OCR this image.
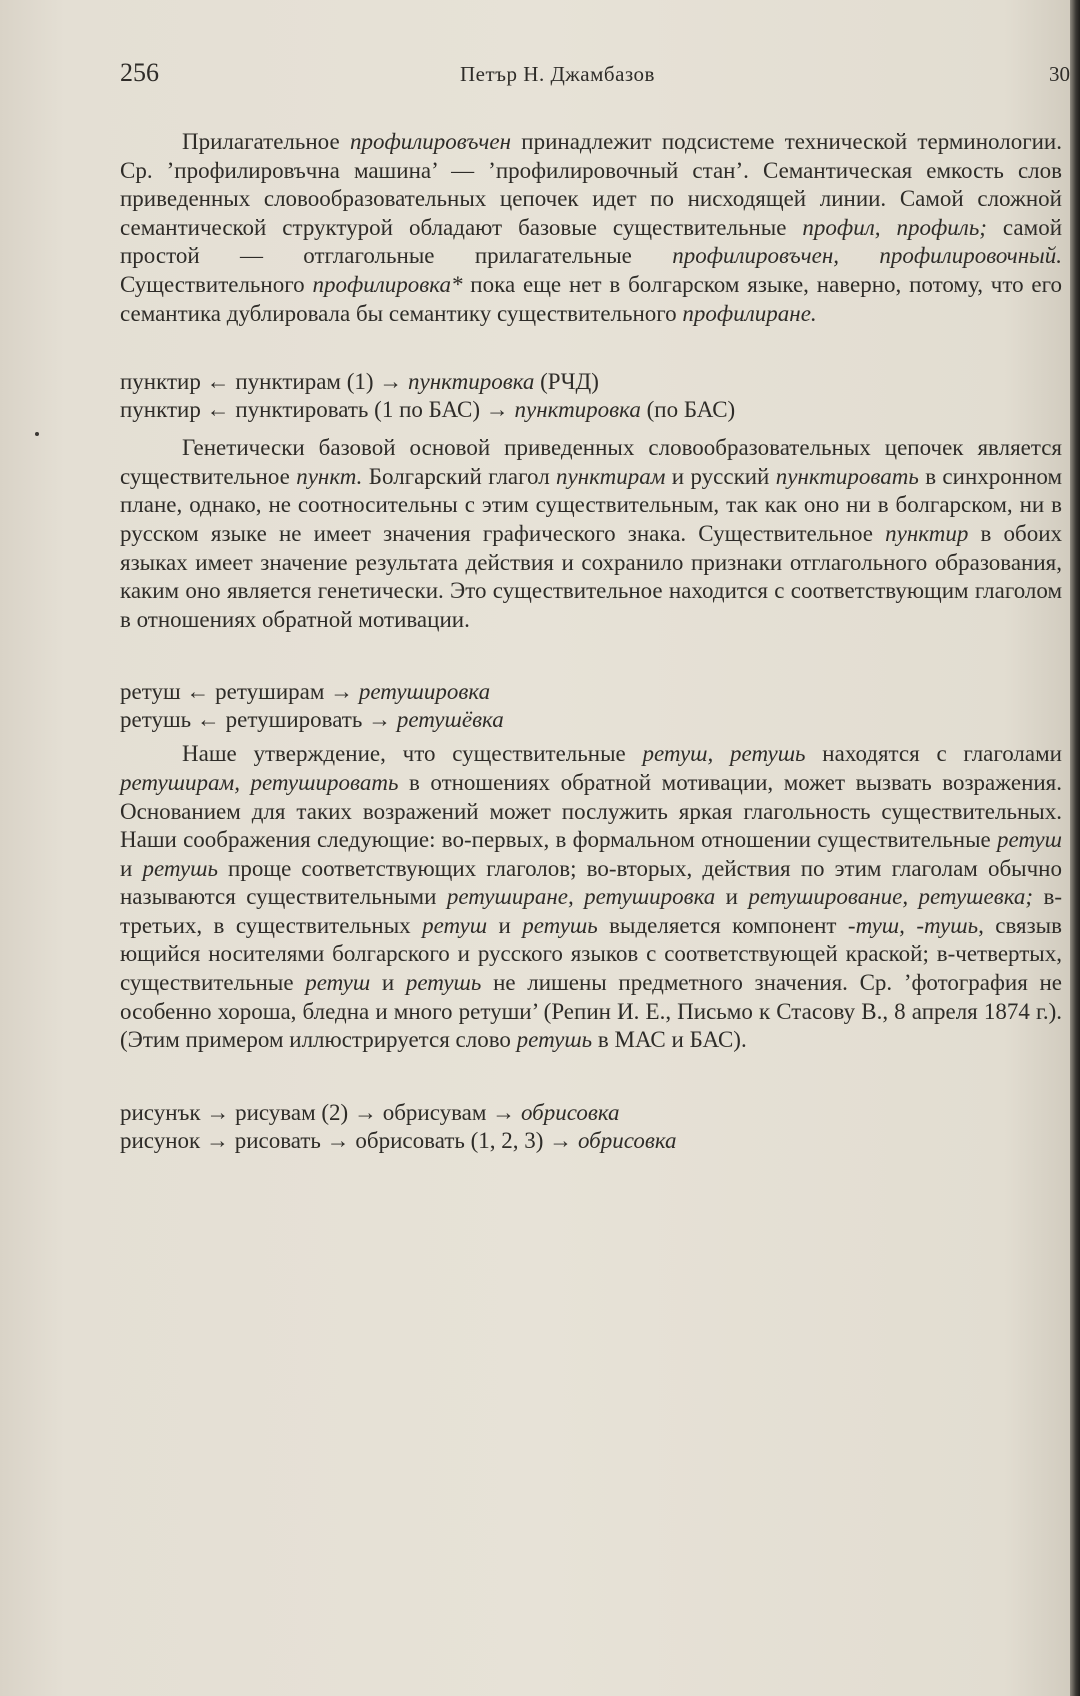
256	Петър Н. Джамбазов	30

Прилагательное профилировъчен принадлежит подсистеме технической терминологии. Ср. ’профилировъчна машина’ — ’профилировочный стан’. Семантическая емкость слов приведенных словообразовательных цепочек идет по нисходящей линии. Самой сложной семантической структурой обладают базовые существительные профил, профиль; самой простой — отглагольные прилагательные профилировъчен, профилировочный. Существительного профилировка* пока еще нет в болгарском языке, наверно, потому, что его семантика дублировала бы семантику существительного профилиране.

пунктир ← пунктирам (1) → пунктировка (РЧД)

пунктир ← пунктировать (1 по БАС) → пунктировка (по БАС)

Генетически базовой основой приведенных словообразовательных цепочек является существительное пункт. Болгарский глагол пунктирам и русский пунктировать в синхронном плане, однако, не соотносительны с этим существительным, так как оно ни в болгарском, ни в русском языке не имеет значения графического знака. Существительное пунктир в обоих языках имеет значение результата действия и сохранило признаки отглагольного образования, каким оно является генетически. Это существительное находится с соответствующим глаголом в отношениях обратной мотивации.

ретуш ← ретуширам → ретушировка

ретушь ← ретушировать → ретушёвка

Наше утверждение, что существительные ретуш, ретушь находятся с глаголами ретуширам, ретушировать в отношениях обратной мотивации, может вызвать возражения. Основанием для таких возражений может послужить яркая глагольность существительных. Наши соображения следующие: во-первых, в формальном отношении существительные ретуш и ретушь проще соответствующих глаголов; во-вторых, действия по этим глаголам обычно называются существительными ретуширане, ретушировка и ретуширование, ретушевка; в-третьих, в существительных ретуш и ретушь выделяется компонент -туш, -тушь, связыв ющийся носителями болгарского и русского языков с соответствующей краской; в-четвертых, существительные ретуш и ретушь не лишены предметного значения. Ср. ’фотография не особенно хороша, бледна и много ретуши’ (Репин И. Е., Письмо к Стасову В., 8 апреля 1874 г.). (Этим примером иллюстрируется слово ретушь в МАС и БАС).

рисунък → рисувам (2) → обрисувам → обрисовка

рисунок → рисовать → обрисовать (1, 2, 3) → обрисовка
